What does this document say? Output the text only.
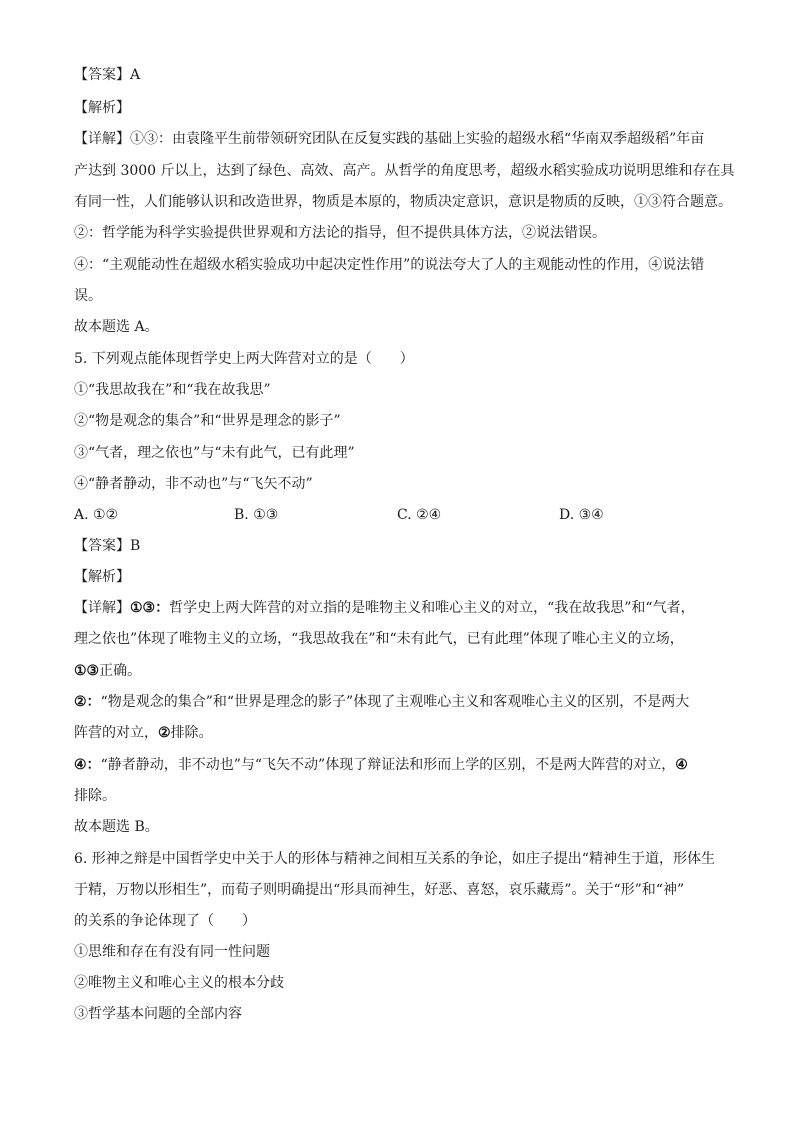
【答案】A
【解析】
【详解】①③：由袁隆平生前带领研究团队在反复实践的基础上实验的超级水稻“华南双季超级稻”年亩
产达到 3000 斤以上，达到了绿色、高效、高产。从哲学的角度思考，超级水稻实验成功说明思维和存在具
有同一性，人们能够认识和改造世界，物质是本原的，物质决定意识，意识是物质的反映，①③符合题意。
②：哲学能为科学实验提供世界观和方法论的指导，但不提供具体方法，②说法错误。
④：“主观能动性在超级水稻实验成功中起决定性作用”的说法夸大了人的主观能动性的作用，④说法错
误。
故本题选 A。
5. 下列观点能体现哲学史上两大阵营对立的是（　　）
①“我思故我在”和“我在故我思”
②“物是观念的集合”和“世界是理念的影子”
③“气者，理之依也”与“未有此气，已有此理”
④“静者静动，非不动也”与“飞矢不动”
A. ①②	B. ①③	C. ②④	D. ③④
【答案】B
【解析】
【详解】①③：哲学史上两大阵营的对立指的是唯物主义和唯心主义的对立，“我在故我思”和“气者，
理之依也”体现了唯物主义的立场，“我思故我在”和“未有此气，已有此理”体现了唯心主义的立场，
①③正确。
②：“物是观念的集合”和“世界是理念的影子”体现了主观唯心主义和客观唯心主义的区别，不是两大
阵营的对立，②排除。
④：“静者静动，非不动也”与“飞矢不动”体现了辩证法和形而上学的区别，不是两大阵营的对立，④
排除。
故本题选 B。
6. 形神之辩是中国哲学史中关于人的形体与精神之间相互关系的争论，如庄子提出“精神生于道，形体生
于精，万物以形相生”，而荀子则明确提出“形具而神生，好恶、喜怒，哀乐藏焉”。关于“形”和“神”
的关系的争论体现了（　　）
①思维和存在有没有同一性问题
②唯物主义和唯心主义的根本分歧
③哲学基本问题的全部内容
